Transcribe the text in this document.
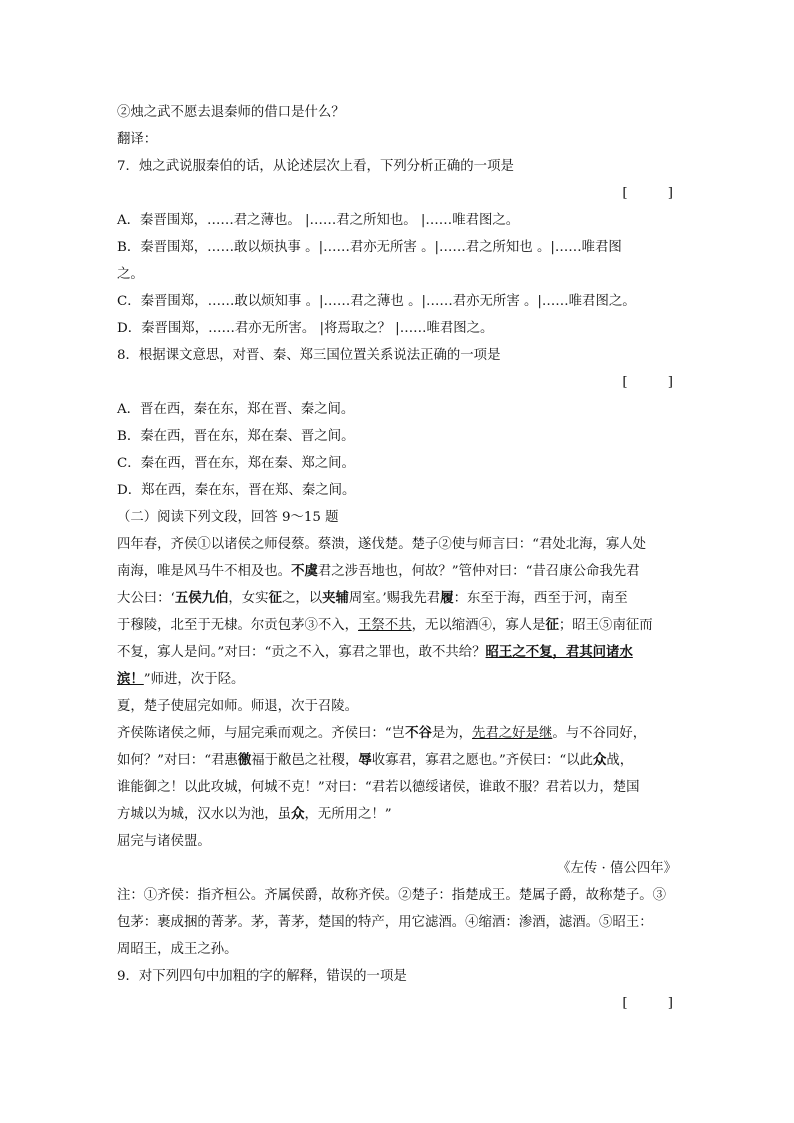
②烛之武不愿去退秦师的借口是什么？
翻译：
7．烛之武说服秦伯的话，从论述层次上看，下列分析正确的一项是
[　　　]
A．秦晋围郑，……君之薄也。 |……君之所知也。 |……唯君图之。
B．秦晋围郑，……敢以烦执事 。|……君亦无所害 。|……君之所知也 。|……唯君图
之。
C．秦晋围郑，……敢以烦知事 。|……君之薄也 。|……君亦无所害 。|……唯君图之。
D．秦晋围郑，……君亦无所害。 |将焉取之？ |……唯君图之。
8．根据课文意思，对晋、秦、郑三国位置关系说法正确的一项是
[　　　]
A．晋在西，秦在东，郑在晋、秦之间。
B．秦在西，晋在东，郑在秦、晋之间。
C．秦在西，晋在东，郑在秦、郑之间。
D．郑在西，秦在东，晋在郑、秦之间。
（二）阅读下列文段，回答 9～15 题
四年春，齐侯①以诸侯之师侵蔡。蔡溃，遂伐楚。楚子②使与师言曰：“君处北海，寡人处
南海，唯是风马牛不相及也。不虞君之涉吾地也，何故？”管仲对曰：“昔召康公命我先君
大公曰：‘五侯九伯，女实征之，以夹辅周室。’赐我先君履：东至于海，西至于河，南至
于穆陵，北至于无棣。尔贡包茅③不入，王祭不共，无以缩酒④，寡人是征；昭王⑤南征而
不复，寡人是问。”对曰：“贡之不入，寡君之罪也，敢不共给？昭王之不复，君其问诸水
滨！”师进，次于陉。
夏，楚子使屈完如师。师退，次于召陵。
齐侯陈诸侯之师，与屈完乘而观之。齐侯曰：“岂不谷是为，先君之好是继。与不谷同好，
如何？”对曰：“君惠徼福于敝邑之社稷，辱收寡君，寡君之愿也。”齐侯曰：“以此众战，
谁能御之！以此攻城，何城不克！”对曰：“君若以德绥诸侯，谁敢不服？君若以力，楚国
方城以为城，汉水以为池，虽众，无所用之！”
屈完与诸侯盟。
《左传 · 僖公四年》
注：①齐侯：指齐桓公。齐属侯爵，故称齐侯。②楚子：指楚成王。楚属子爵，故称楚子。③
包茅：裹成捆的菁茅。茅，菁茅，楚国的特产，用它滤酒。④缩酒：渗酒，滤酒。⑤昭王：
周昭王，成王之孙。
9．对下列四句中加粗的字的解释，错误的一项是
[　　　]
